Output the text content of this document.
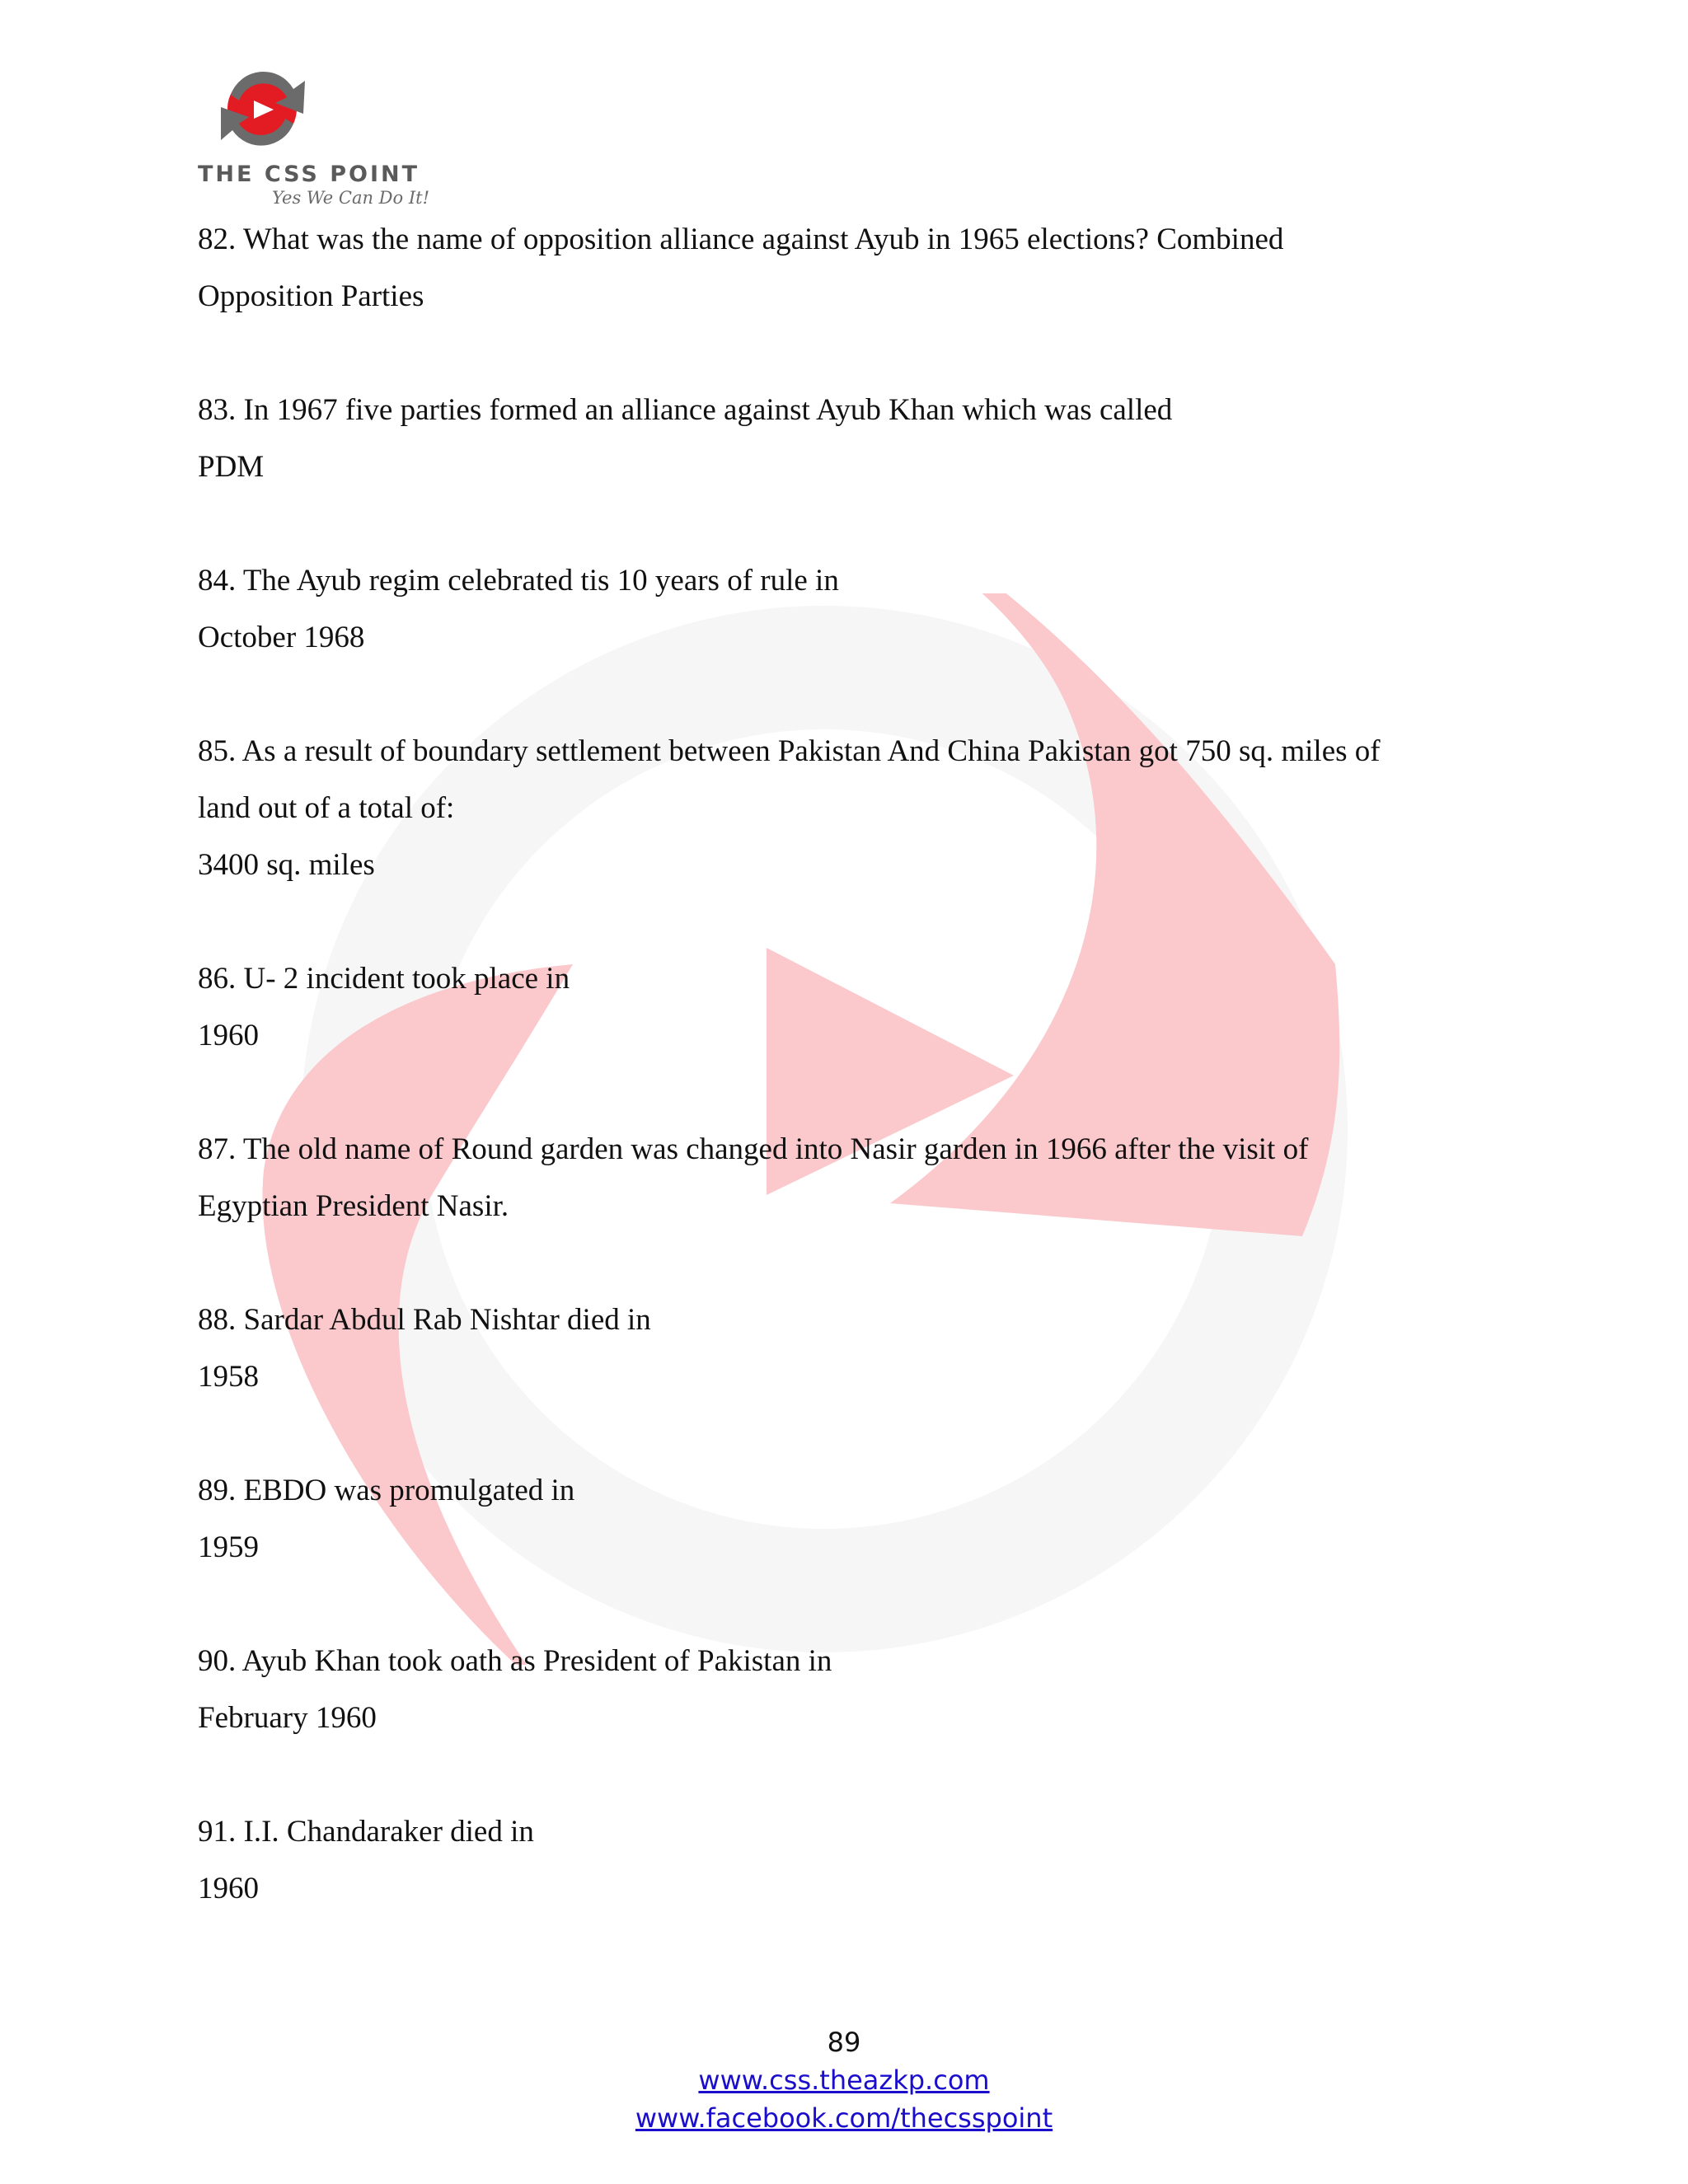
THE CSS POINT
Yes We Can Do It!

82. What was the name of opposition alliance against Ayub in 1965 elections? Combined

Opposition Parties

83. In 1967 five parties formed an alliance against Ayub Khan which was called

PDM

84. The Ayub regim celebrated tis 10 years of rule in

October 1968

85. As a result of boundary settlement between Pakistan And China Pakistan got 750 sq. miles of

land out of a total of:

3400 sq. miles

86. U- 2 incident took place in

1960

87. The old name of Round garden was changed into Nasir garden in 1966 after the visit of

Egyptian President Nasir.

88. Sardar Abdul Rab Nishtar died in

1958

89. EBDO was promulgated in

1959

90. Ayub Khan took oath as President of Pakistan in

February 1960

91. I.I. Chandaraker died in

1960

89
www.css.theazkp.com
www.facebook.com/thecsspoint
